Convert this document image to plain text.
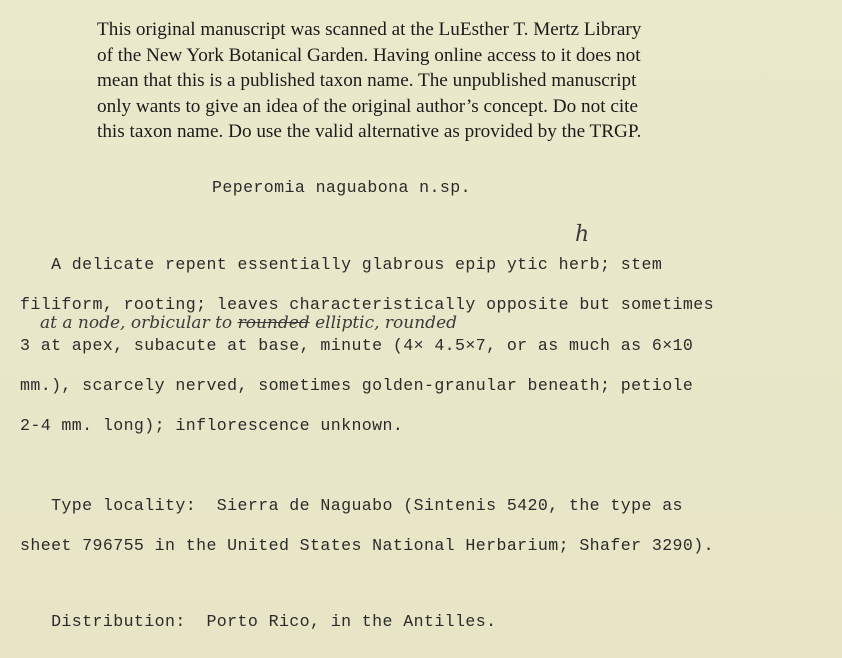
This original manuscript was scanned at the LuEsther T. Mertz Library
of the New York Botanical Garden. Having online access to it does not
mean that this is a published taxon name. The unpublished manuscript
only wants to give an idea of the original author’s concept. Do not cite
this taxon name. Do use the valid alternative as provided by the TRGP.
Peperomia naguabona n.sp.
h
A delicate repent essentially glabrous epip ytic herb; stem
filiform, rooting; leaves characteristically opposite but sometimes
at a node, orbicular to rounded elliptic, rounded
3 at apex, subacute at base, minute (4× 4.5×7, or as much as 6×10
mm.), scarcely nerved, sometimes golden-granular beneath; petiole
2-4 mm. long); inflorescence unknown.
Type locality:  Sierra de Naguabo (Sintenis 5420, the type as
sheet 796755 in the United States National Herbarium; Shafer 3290).
Distribution:  Porto Rico, in the Antilles.
